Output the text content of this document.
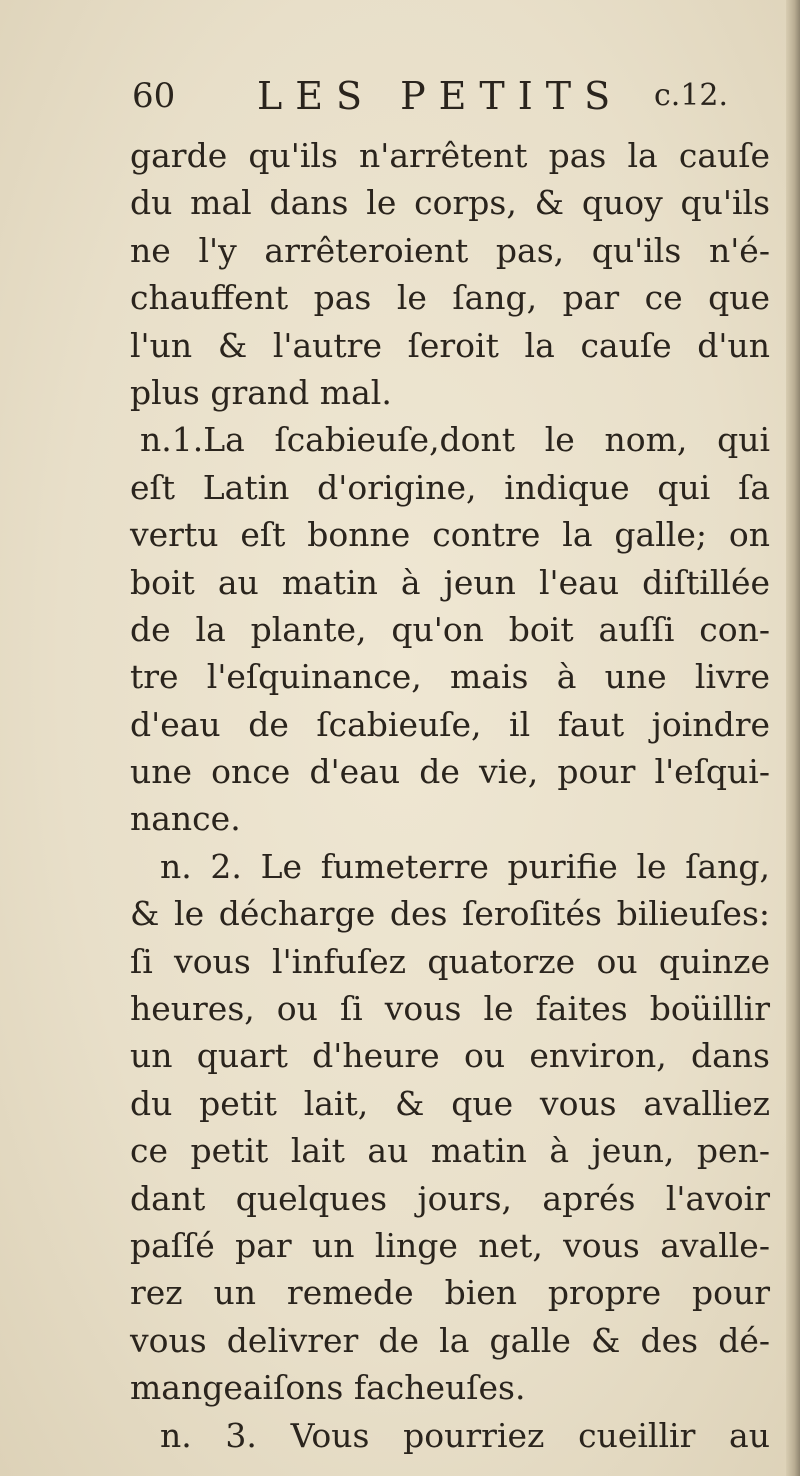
60 LES PETITS c.12.
garde qu'ils n'arrêtent pas la cauſe
du mal dans le corps, & quoy qu'ils
ne l'y arrêteroient pas, qu'ils n'é-
chauffent pas le ſang, par ce que
l'un & l'autre ſeroit la cauſe d'un
plus grand mal.
n.1.La ſcabieuſe,dont le nom, qui
eſt Latin d'origine, indique qui ſa
vertu eſt bonne contre la galle; on
boit au matin à jeun l'eau diſtillée
de la plante, qu'on boit auſſi con-
tre l'eſquinance, mais à une livre
d'eau de ſcabieuſe, il faut joindre
une once d'eau de vie, pour l'eſqui-
nance.
n. 2. Le fumeterre purifie le ſang,
& le décharge des ſeroſités bilieuſes:
ſi vous l'infuſez quatorze ou quinze
heures, ou ſi vous le faites boüillir
un quart d'heure ou environ, dans
du petit lait, & que vous avalliez
ce petit lait au matin à jeun, pen-
dant quelques jours, aprés l'avoir
paſſé par un linge net, vous avalle-
rez un remede bien propre pour
vous delivrer de la galle & des dé-
mangeaiſons facheuſes.
n. 3. Vous pourriez cueillir au
